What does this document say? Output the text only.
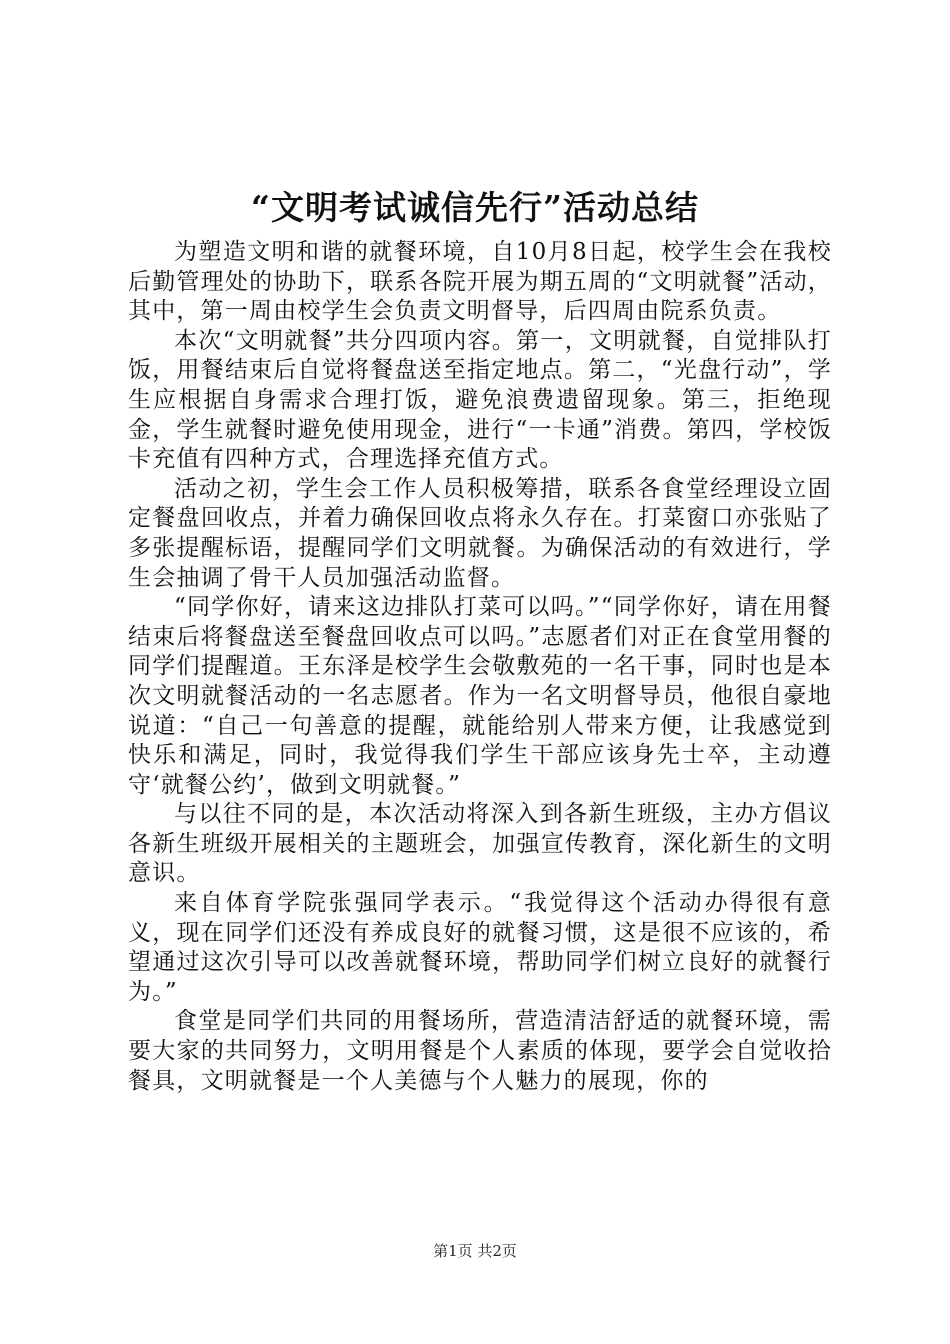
“文明考试诚信先行”活动总结

为塑造文明和谐的就餐环境，自10月8日起，校学生会在我校后勤管理处的协助下，联系各院开展为期五周的“文明就餐”活动，其中，第一周由校学生会负责文明督导，后四周由院系负责。

本次“文明就餐”共分四项内容。第一，文明就餐，自觉排队打饭，用餐结束后自觉将餐盘送至指定地点。第二，“光盘行动”，学生应根据自身需求合理打饭，避免浪费遗留现象。第三，拒绝现金，学生就餐时避免使用现金，进行“一卡通”消费。第四，学校饭卡充值有四种方式，合理选择充值方式。

活动之初，学生会工作人员积极筹措，联系各食堂经理设立固定餐盘回收点，并着力确保回收点将永久存在。打菜窗口亦张贴了多张提醒标语，提醒同学们文明就餐。为确保活动的有效进行，学生会抽调了骨干人员加强活动监督。

“同学你好，请来这边排队打菜可以吗。”“同学你好，请在用餐结束后将餐盘送至餐盘回收点可以吗。”志愿者们对正在食堂用餐的同学们提醒道。王东泽是校学生会敬敷苑的一名干事，同时也是本次文明就餐活动的一名志愿者。作为一名文明督导员，他很自豪地说道：“自己一句善意的提醒，就能给别人带来方便，让我感觉到快乐和满足，同时，我觉得我们学生干部应该身先士卒，主动遵守‘就餐公约’，做到文明就餐。”

与以往不同的是，本次活动将深入到各新生班级，主办方倡议各新生班级开展相关的主题班会，加强宣传教育，深化新生的文明意识。

来自体育学院张强同学表示。“我觉得这个活动办得很有意义，现在同学们还没有养成良好的就餐习惯，这是很不应该的，希望通过这次引导可以改善就餐环境，帮助同学们树立良好的就餐行为。”

食堂是同学们共同的用餐场所，营造清洁舒适的就餐环境，需要大家的共同努力，文明用餐是个人素质的体现，要学会自觉收拾餐具，文明就餐是一个人美德与个人魅力的展现，你的

第1页 共2页
